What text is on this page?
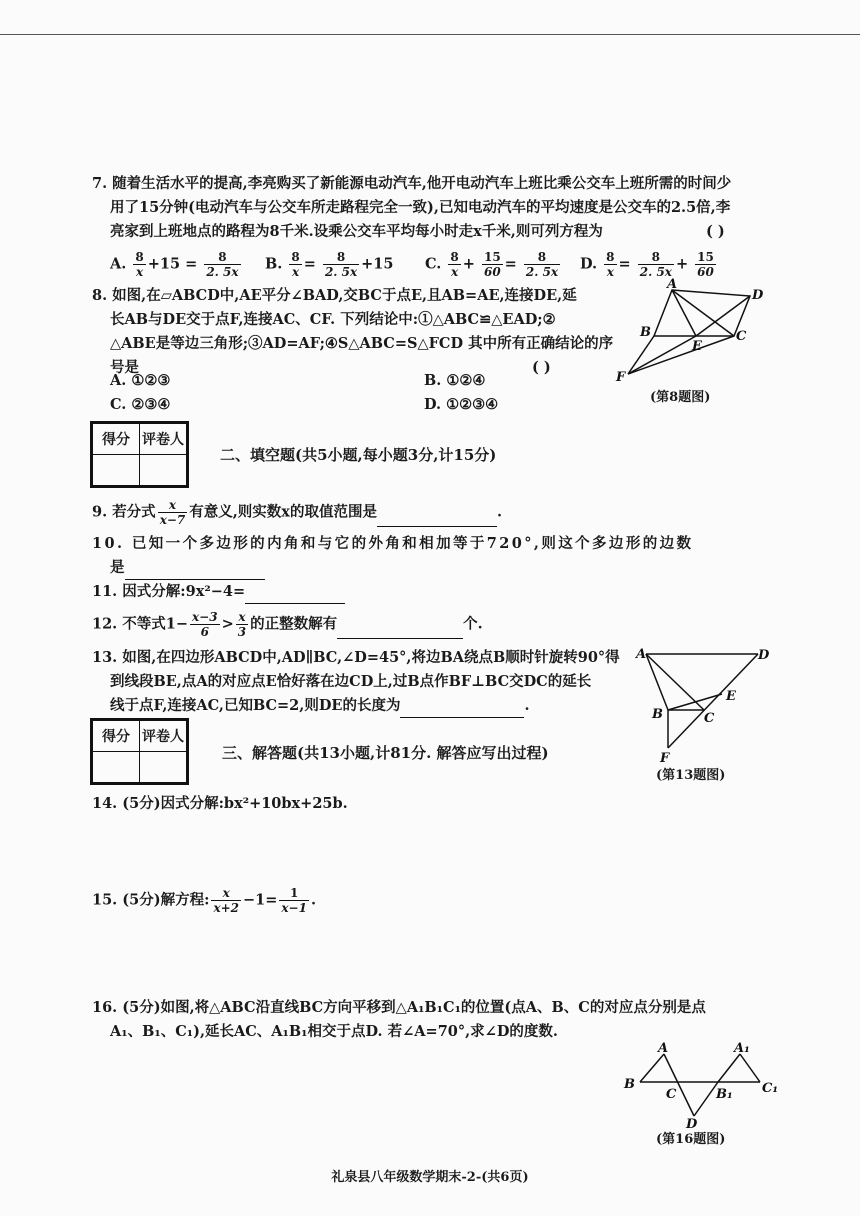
7. 随着生活水平的提高,李亮购买了新能源电动汽车,他开电动汽车上班比乘公交车上班所需的时间少
用了15分钟(电动汽车与公交车所走路程完全一致),已知电动汽车的平均速度是公交车的2.5倍,李
亮家到上班地点的路程为8千米.设乘公交车平均每小时走x千米,则可列方程为	( )
A. $\frac{8}{x} +15 = \frac{8}{2. 5x} B$. $\frac{8}{x} = \frac{8}{2. 5x} +15$ C. $\frac{8}{x} + \frac{15}{60} = \frac{8}{2. 5x} D$. $\frac{8}{x} = \frac{8}{2. 5x} + \frac{15}{60}$
8. 如图,在▱ABCD中,AE平分∠BAD,交BC于点E,且AB=AE,连接DE,延
长AB与DE交于点F,连接AC、CF. 下列结论中:①△ABC≌△EAD;②
△ABE是等边三角形;③AD=AF;④S△ABC=S△FCD 其中所有正确结论的序
号是	( )
A. ①②③	B. ①②④
C. ②③④	D. ①②③④
A
D
B
E
C
F
(第8题图)
得分	评卷人

二、填空题(共5小题,每小题3分,计15分)
9. 若分式 $\frac{x}{x-7}$ 有意义,则实数x的取值范围是	.
10. 已知一个多边形的内角和与它的外角和相加等于720°,则这个多边形的边数
是
11. 因式分解:9x²−4=
12. 不等式$1- \frac{x-3}{6} > \frac{x}{3}$ 的正整数解有	个.
13. 如图,在四边形ABCD中,AD∥BC,∠D=45°,将边BA绕点B顺时针旋转90°得
到线段BE,点A的对应点E恰好落在边CD上,过B点作BF⊥BC交DC的延长
线于点F,连接AC,已知BC=2,则DE的长度为	.
A	D
E
B	C
F
(第13题图)
得分	评卷人

三、解答题(共13小题,计81分. 解答应写出过程)
14. (5分)因式分解:bx²+10bx+25b.
15. (5分)解方程: $\frac{x}{x+2} -1= \frac{1}{x-1}$ .
16. (5分)如图,将△ABC沿直线BC方向平移到△A₁B₁C₁的位置(点A、B、C的对应点分别是点
A₁、B₁、C₁),延长AC、A₁B₁相交于点D. 若∠A=70°,求∠D的度数.
A
B
C
A₁
B₁ C₁
D
(第16题图)
礼泉县八年级数学期末-2-(共6页)
